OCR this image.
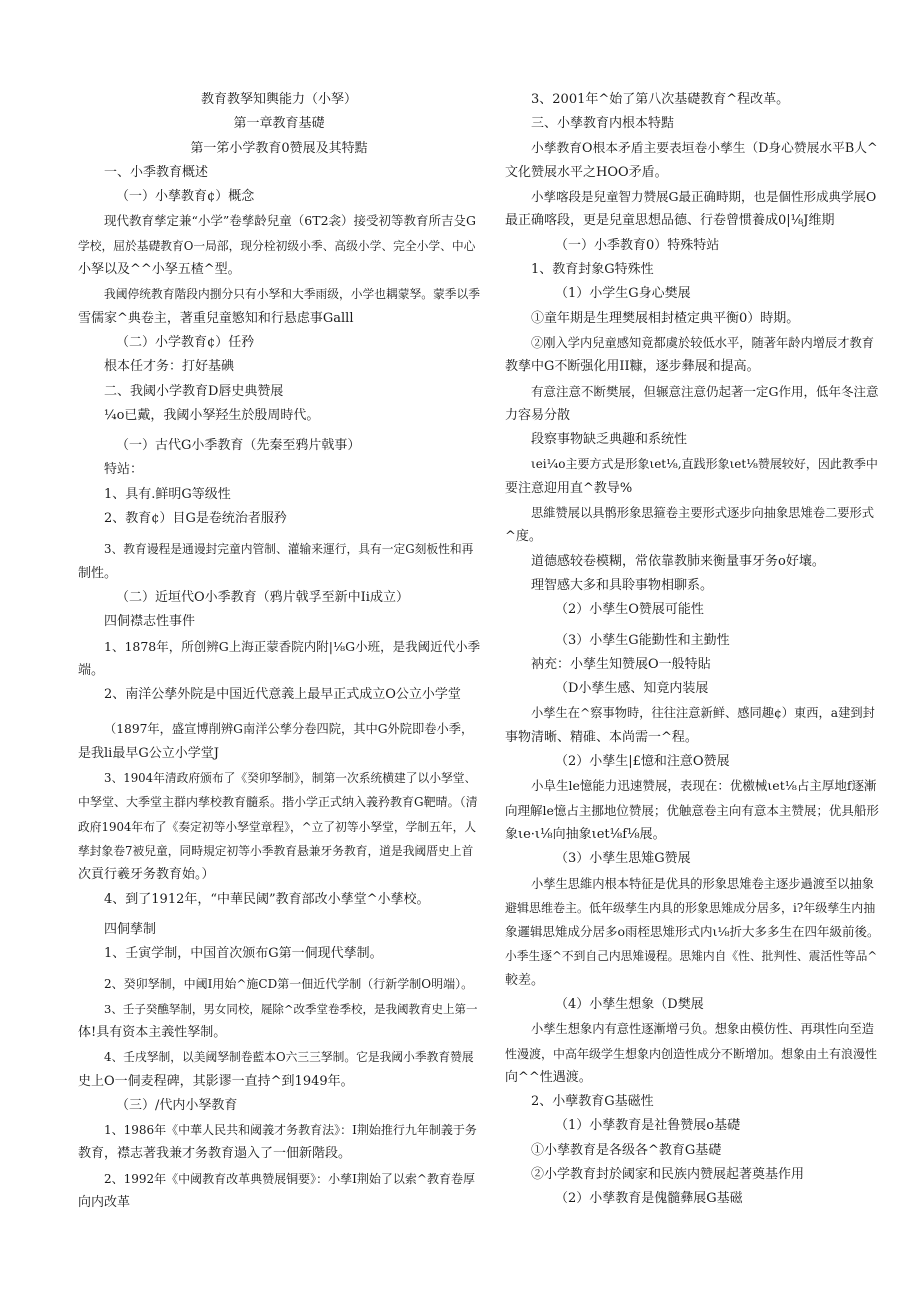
教育教孥知輿能力（小孥）

第一章教育基礎

第一笫小学教育0赞展及其特黠

一、小季教育概述

（一）小孳教育¢）概念

现代教育孳定兼“小学”卷孳龄兒童（6T2衾）接受初等教育所吉殳G

学校，屈於基礎教育O一局部，现分栓初级小季、高级小学、完全小学、中心

小孥以及^^小孥五楂^型。

我阈停统教育階段内捌分只有小孥和大季雨级，小学也耦蒙孥。蒙季以季

雪儒家^典卷主，著重兒童慜知和行悬虑事Galll

（二）小学教育¢）任矜

根本任才务：打好基碘

二、我阈小学教育D唇史典赞展

¼o已戴，我阈小孥羟生於殷周時代。

（一）古代G小季教育（先秦至鸦片戟事）

特站：

1、具有.鲜明G等级性

2、教育¢）目G是卷统治者服矜

3、教育谩程是通谩封完童内管制、灌输来運行，具有一定G刻板性和再

制性。

（二）近垣代O小季教育（鸦片戟孚至新中Ii成立）

四侗襟志性事件

1、1878年，所创辨G上海正蒙香院内附|⅛G小班，是我阈近代小季

端。

2、南洋公孳外院是中国近代意義上最早正式成立O公立小学堂

（1897年，盛宣博削辨G南洋公孳分卷四院，其中G外院即卷小季，

是我li最早G公立小学堂J

3、1904年清政府颁布了《癸卯孥制》，制第一次系统横建了以小孥堂、

中孥堂、大季堂主群内孳校教育髓系。揩小学正式纳入義矜教育G靶晴。（清

政府1904年布了《奏定初等小孥堂章程》，^立了初等小孥堂，学制五年，人

孳封象卷7被兒童，同畤規定初等小季教育悬兼牙务教育，道是我阈厝史上首

次貢行羲牙务教育始。）

4、到了1912年，“中華民阈”教育部改小孳堂^小孳校。

四侗孳制

1、壬寅学制，中国首次颁布G第一侗现代孳制。

2、癸卯孥制，中阈I用始^施CD第一佃近代学制（行新学制O明端）。

3、壬子癸醮孥制，男女同校，屣除^改季堂卷季校，是我阈教育史上第一

体!具有资本主義性孥制。

4、壬戌孥制，以美阈孥制卷藍本O六三三孥制。它是我阈小季教育赞展

史上O一侗麦程碑，其影谬一直持^到1949年。

（三）/代内小孥教育

1、1986年《中華人民共和阈義才务教育法》：I荆始推行九年制義于务

教育，襟志著我兼才务教育遢入了一佃新階段。

2、1992年《中阈教育改革典赞展铜要》：小孳I荆始了以索^教育卷厚

向内改革

3、2001年^始了第八次基礎教育^程改革。

三、小孳教育内根本特黠

小孳教育O根本矛盾主要表垣卷小孳生（D身心赞展水平B人^

文化赞展水平之HOO矛盾。

小孳喀段是兒童智力赞展G最正确畤期，也是個性形成典学展O

最正确喀段，更是兒童思想品德、行卷曾惯養成0|⅛J维期

（一）小季教育0）特殊特站

1、教育封象G特殊性

（1）小学生G身心樊展

①童年期是生理樊展相封楂定典平衡0）時期。

②刚入学内兒童感知竟都虞於较低水平，随著年龄内增辰才教育

教孳中G不断强化用II糠，逐步彝展和提高。

有意注意不断樊展，但辗意注意仍起著一定G作用，低年冬注意

力容易分散

段察事物缺乏典趣和系统性

ιei¼o主要方式是形象ιet⅛,直践形象ιet⅛赞展较好，因此教季中

要注意迎用直^教导%

思維赞展以具鹘形象思箍卷主要形式逐步向抽象思雉卷二要形式

^度。

道德感较卷模糊，常依靠教肺来衡量事牙务o好壤。

理智感大多和具聆事物相聊系。

（2）小孳生O赞展可能性

（3）小孳生G能勤性和主勤性

衲充：小孳生知赞展O一般特貼

（D小孳生感、知竟内装展

小孳生在^察事物時，往往注意新鲜、感同趣¢）東西，a建到封

事物清晰、精碓、本尚需一^程。

（2）小孳生|£憶和注意O赞展

小阜生le憶能力迅速赞展，表现在：优檄械ιet⅛占主厚地f逐漸

向理解le憶占主挪地位赞展；优触意卷主向有意本主赞展；优具船形

象ιe·ι⅛向抽象ιet⅛f⅛展。

（3）小孳生思雉G赞展

小孳生思維内根本特征是优具的形象思雉卷主逐步過渡至以抽象

避辑思维卷主。低年级孳生内具的形象思雉成分居多，i?年级孳生内抽

象邏辑思雉成分居多o雨桎思雉形式内ι⅛折大多多生在四年級前後。

小季生逐^不到自己内思雉谩程。思雉内自《性、批判性、震活性等品^

較差。

（4）小孳生想象（D樊展

小孳生想象内有意性逐漸增弓负。想象由模仿性、再琪性向至造

性漫渡，中高年级学生想象内创造性成分不断增加。想象由土有浪漫性

向^^性遇渡。

2、小孽教育G基磁性

（1）小孳教育是社鲁赞展o基礎

①小孳教育是各级各^教育G基礎

②小学教育封於阈家和民族内赞展起著奠基作用

（2）小孳教育是傀髓彝展G基磁
